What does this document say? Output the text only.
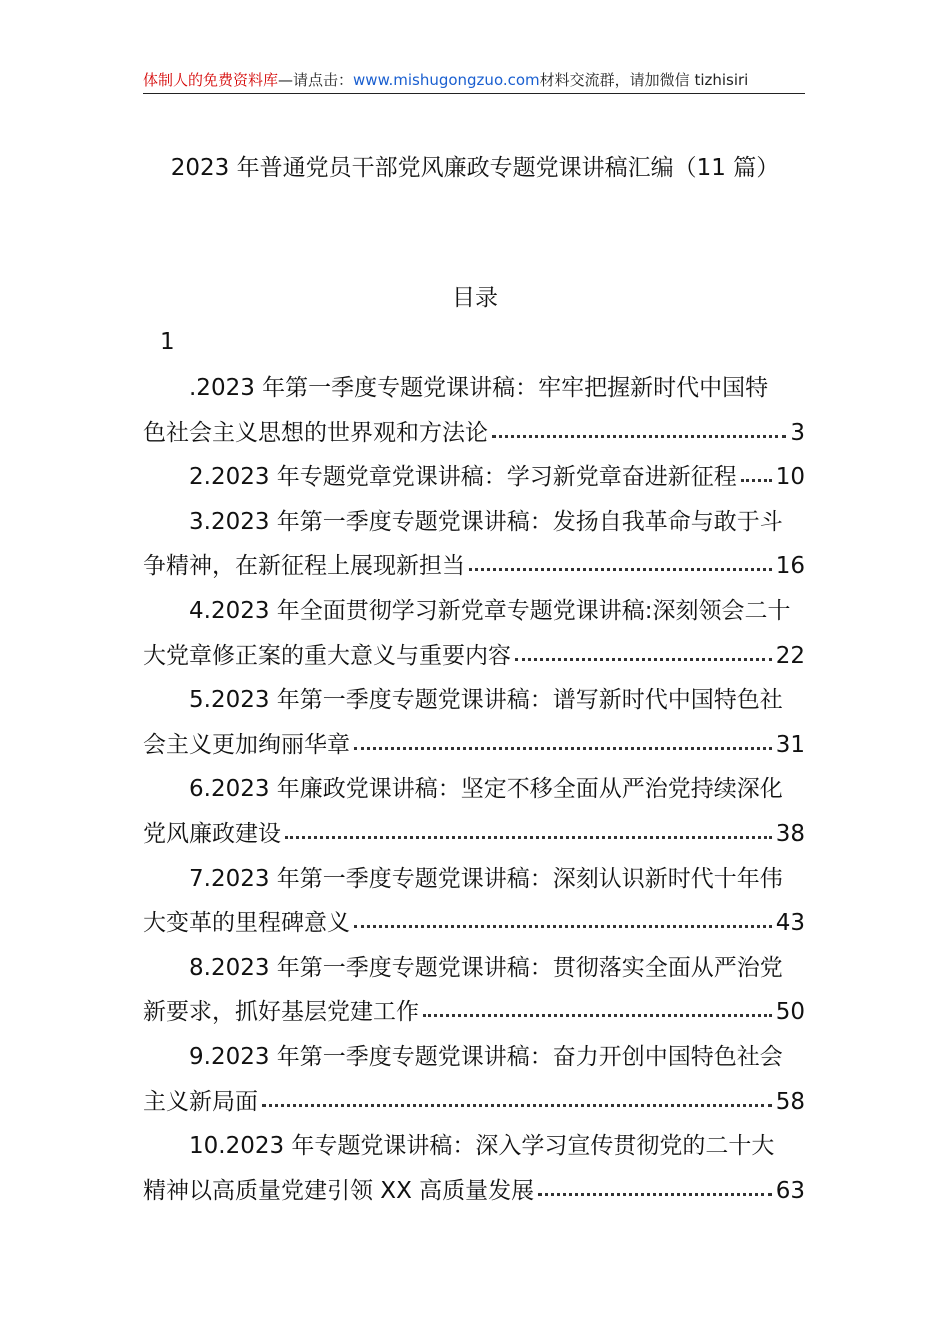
体制人的免费资料库—请点击：www.mishugongzuo.com材料交流群，请加微信 tizhisiri
2023 年普通党员干部党风廉政专题党课讲稿汇编（11 篇）
目录
1
.2023 年第一季度专题党课讲稿：牢牢把握新时代中国特
色社会主义思想的世界观和方法论	3
2.2023 年专题党章党课讲稿：学习新党章奋进新征程 10
3.2023 年第一季度专题党课讲稿：发扬自我革命与敢于斗
争精神，在新征程上展现新担当	16
4.2023 年全面贯彻学习新党章专题党课讲稿:深刻领会二十
大党章修正案的重大意义与重要内容	22
5.2023 年第一季度专题党课讲稿：谱写新时代中国特色社
会主义更加绚丽华章	31
6.2023 年廉政党课讲稿：坚定不移全面从严治党持续深化
党风廉政建设	38
7.2023 年第一季度专题党课讲稿：深刻认识新时代十年伟
大变革的里程碑意义	43
8.2023 年第一季度专题党课讲稿：贯彻落实全面从严治党
新要求，抓好基层党建工作	50
9.2023 年第一季度专题党课讲稿：奋力开创中国特色社会
主义新局面	58
10.2023 年专题党课讲稿：深入学习宣传贯彻党的二十大
精神以高质量党建引领 XX 高质量发展	63
